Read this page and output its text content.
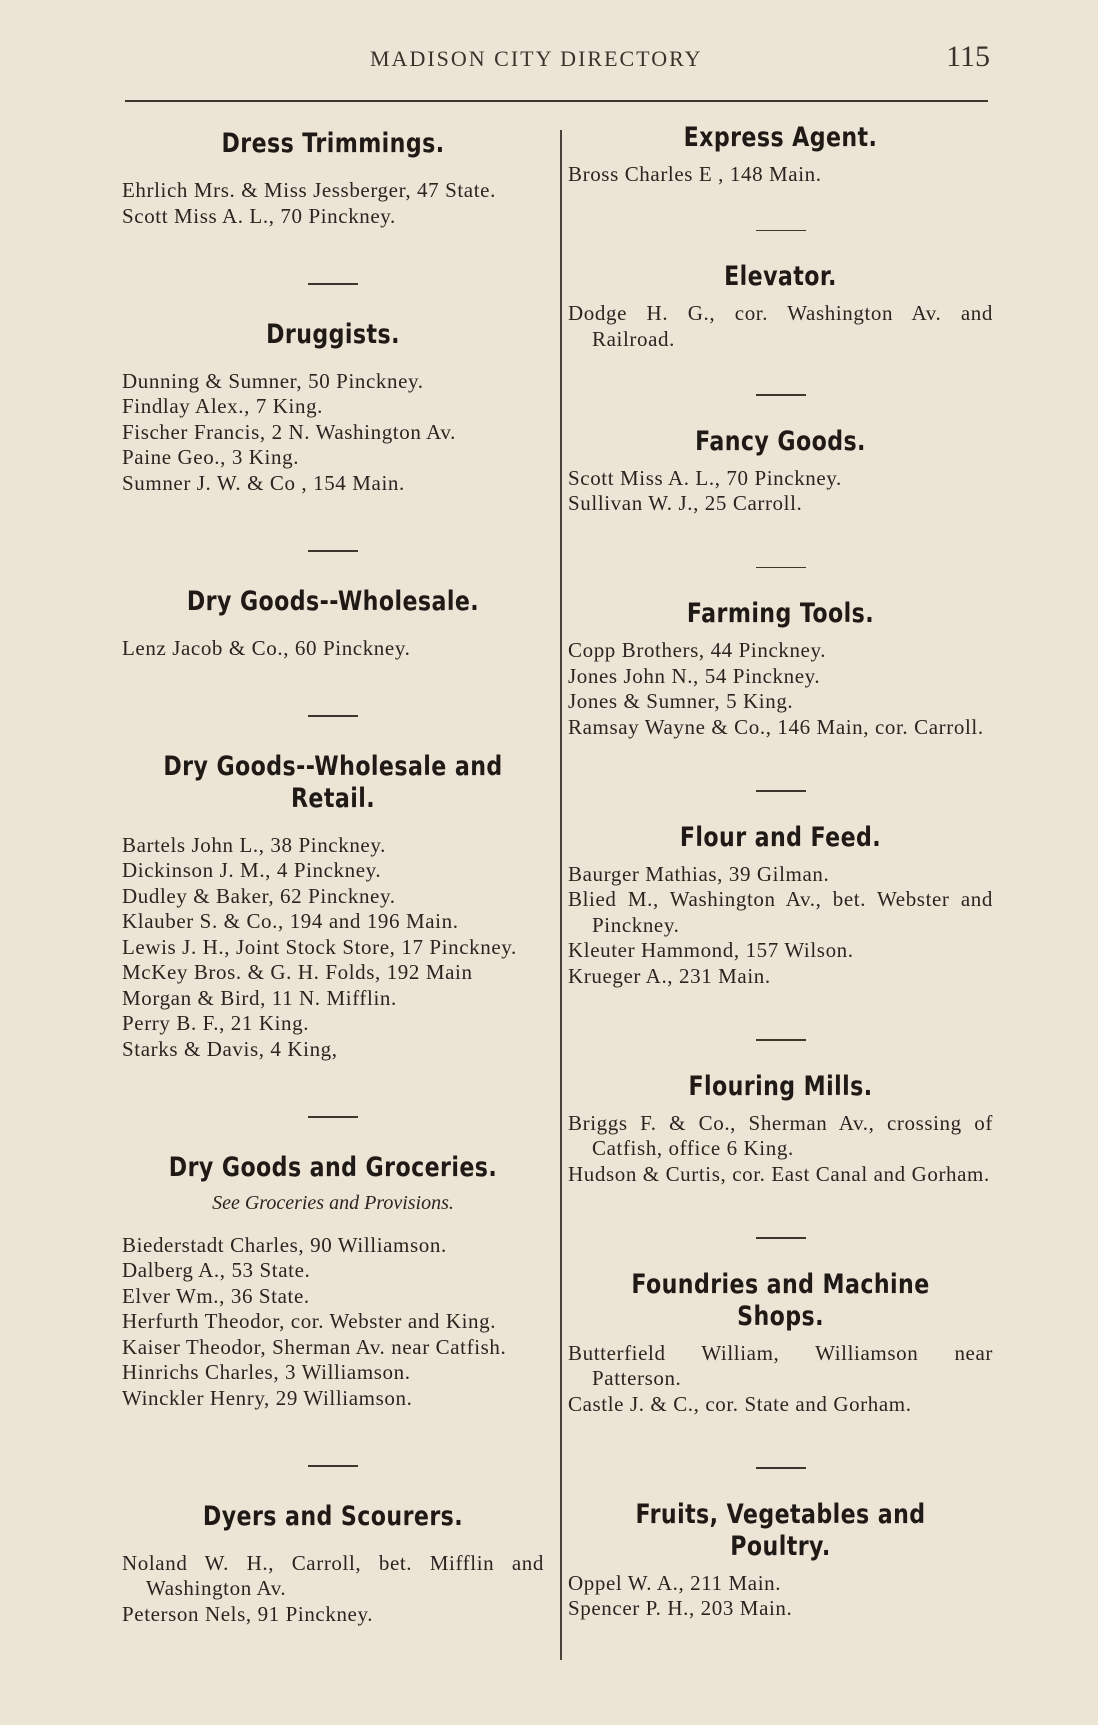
MADISON CITY DIRECTORY	115
Dress Trimmings.
Ehrlich Mrs. & Miss Jessberger, 47 State.
Scott Miss A. L., 70 Pinckney.
Druggists.
Dunning & Sumner, 50 Pinckney.
Findlay Alex., 7 King.
Fischer Francis, 2 N. Washington Av.
Paine Geo., 3 King.
Sumner J. W. & Co , 154 Main.
Dry Goods--Wholesale.
Lenz Jacob & Co., 60 Pinckney.
Dry Goods--Wholesale and Retail.
Bartels John L., 38 Pinckney.
Dickinson J. M., 4 Pinckney.
Dudley & Baker, 62 Pinckney.
Klauber S. & Co., 194 and 196 Main.
Lewis J. H., Joint Stock Store, 17 Pinckney.
McKey Bros. & G. H. Folds, 192 Main
Morgan & Bird, 11 N. Mifflin.
Perry B. F., 21 King.
Starks & Davis, 4 King,
Dry Goods and Groceries.
See Groceries and Provisions.
Biederstadt Charles, 90 Williamson.
Dalberg A., 53 State.
Elver Wm., 36 State.
Herfurth Theodor, cor. Webster and King.
Kaiser Theodor, Sherman Av. near Catfish.
Hinrichs Charles, 3 Williamson.
Winckler Henry, 29 Williamson.
Dyers and Scourers.
Noland W. H., Carroll, bet. Mifflin and Washington Av.
Peterson Nels, 91 Pinckney.
Express Agent.
Bross Charles E , 148 Main.
Elevator.
Dodge H. G., cor. Washington Av. and Railroad.
Fancy Goods.
Scott Miss A. L., 70 Pinckney.
Sullivan W. J., 25 Carroll.
Farming Tools.
Copp Brothers, 44 Pinckney.
Jones John N., 54 Pinckney.
Jones & Sumner, 5 King.
Ramsay Wayne & Co., 146 Main, cor. Carroll.
Flour and Feed.
Baurger Mathias, 39 Gilman.
Blied M., Washington Av., bet. Webster and Pinckney.
Kleuter Hammond, 157 Wilson.
Krueger A., 231 Main.
Flouring Mills.
Briggs F. & Co., Sherman Av., crossing of Catfish, office 6 King.
Hudson & Curtis, cor. East Canal and Gorham.
Foundries and Machine Shops.
Butterfield William, Williamson near Patterson.
Castle J. & C., cor. State and Gorham.
Fruits, Vegetables and Poultry.
Oppel W. A., 211 Main.
Spencer P. H., 203 Main.
